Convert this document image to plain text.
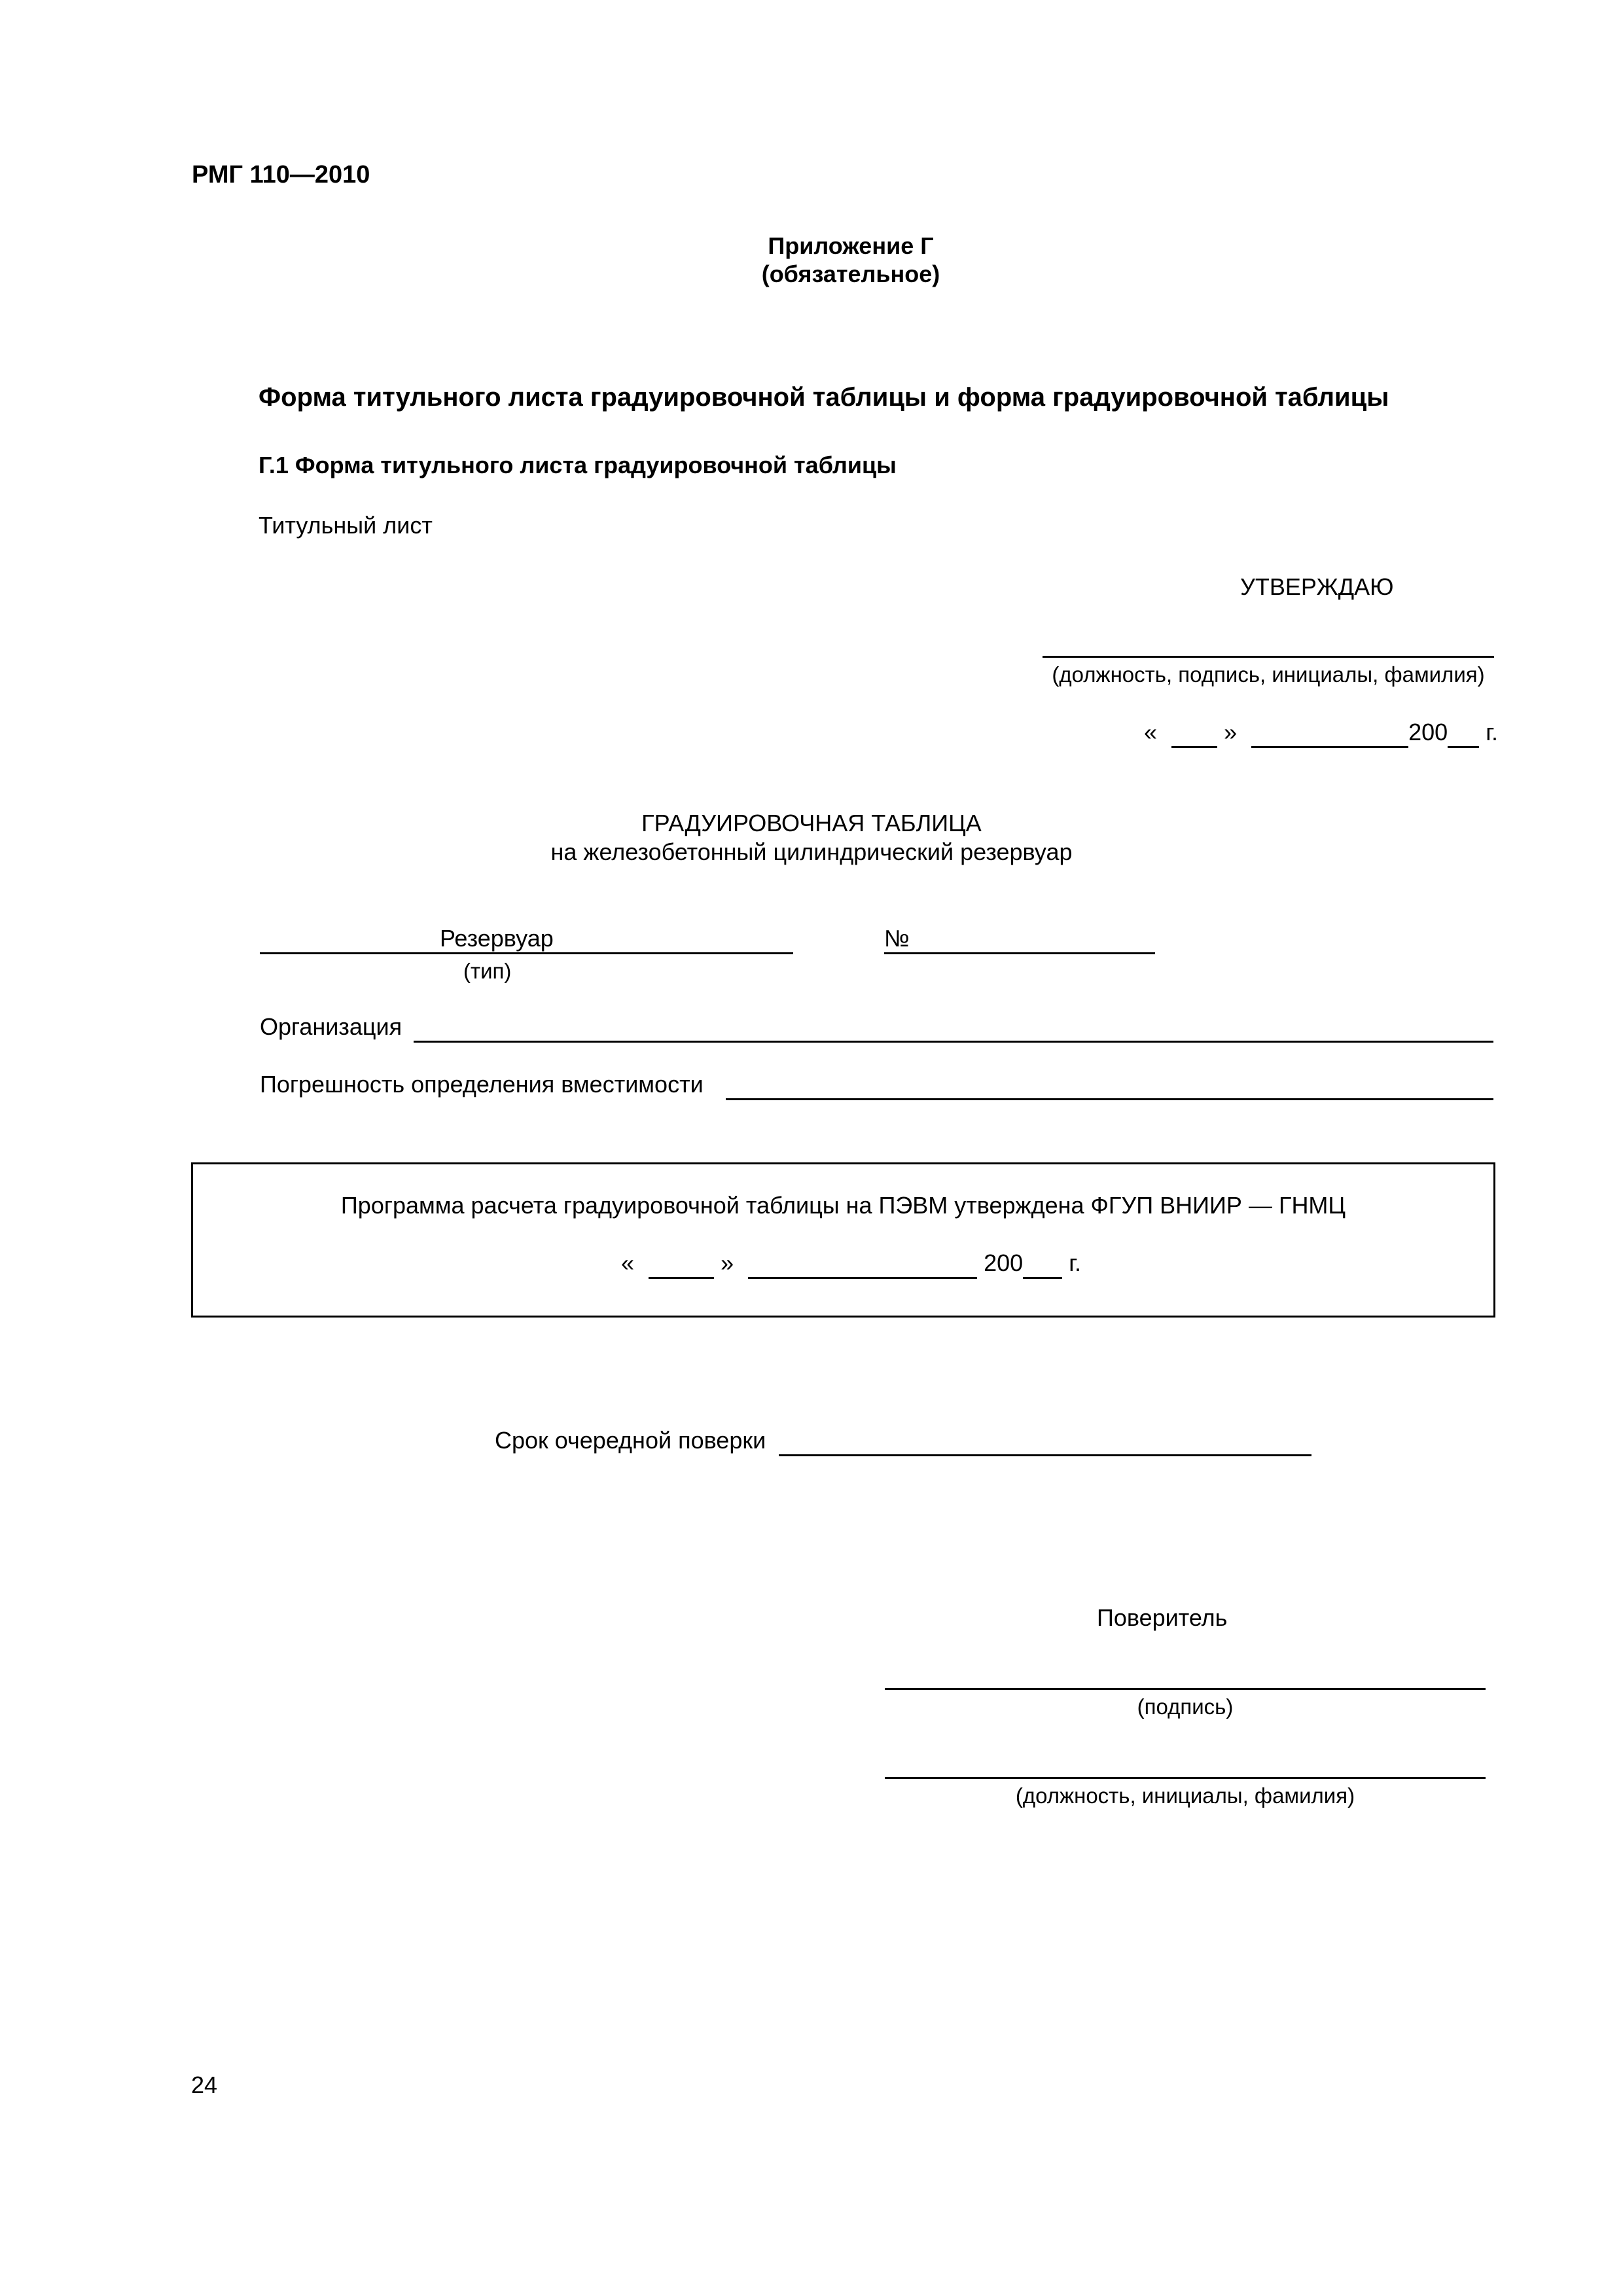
РМГ 110—2010
Приложение Г
(обязательное)
Форма титульного листа градуировочной таблицы и форма градуировочной таблицы
Г.1 Форма титульного листа градуировочной таблицы
Титульный лист
УТВЕРЖДАЮ
(должность, подпись, инициалы, фамилия)
«	»	200 г.
ГРАДУИРОВОЧНАЯ ТАБЛИЦА
на железобетонный цилиндрический резервуар
Резервуар
(тип)
№
Организация
Погрешность определения вместимости
Программа расчета градуировочной таблицы на ПЭВМ утверждена ФГУП ВНИИР — ГНМЦ
«	»	200 г.
Срок очередной поверки
Поверитель
(подпись)
(должность, инициалы, фамилия)
24
